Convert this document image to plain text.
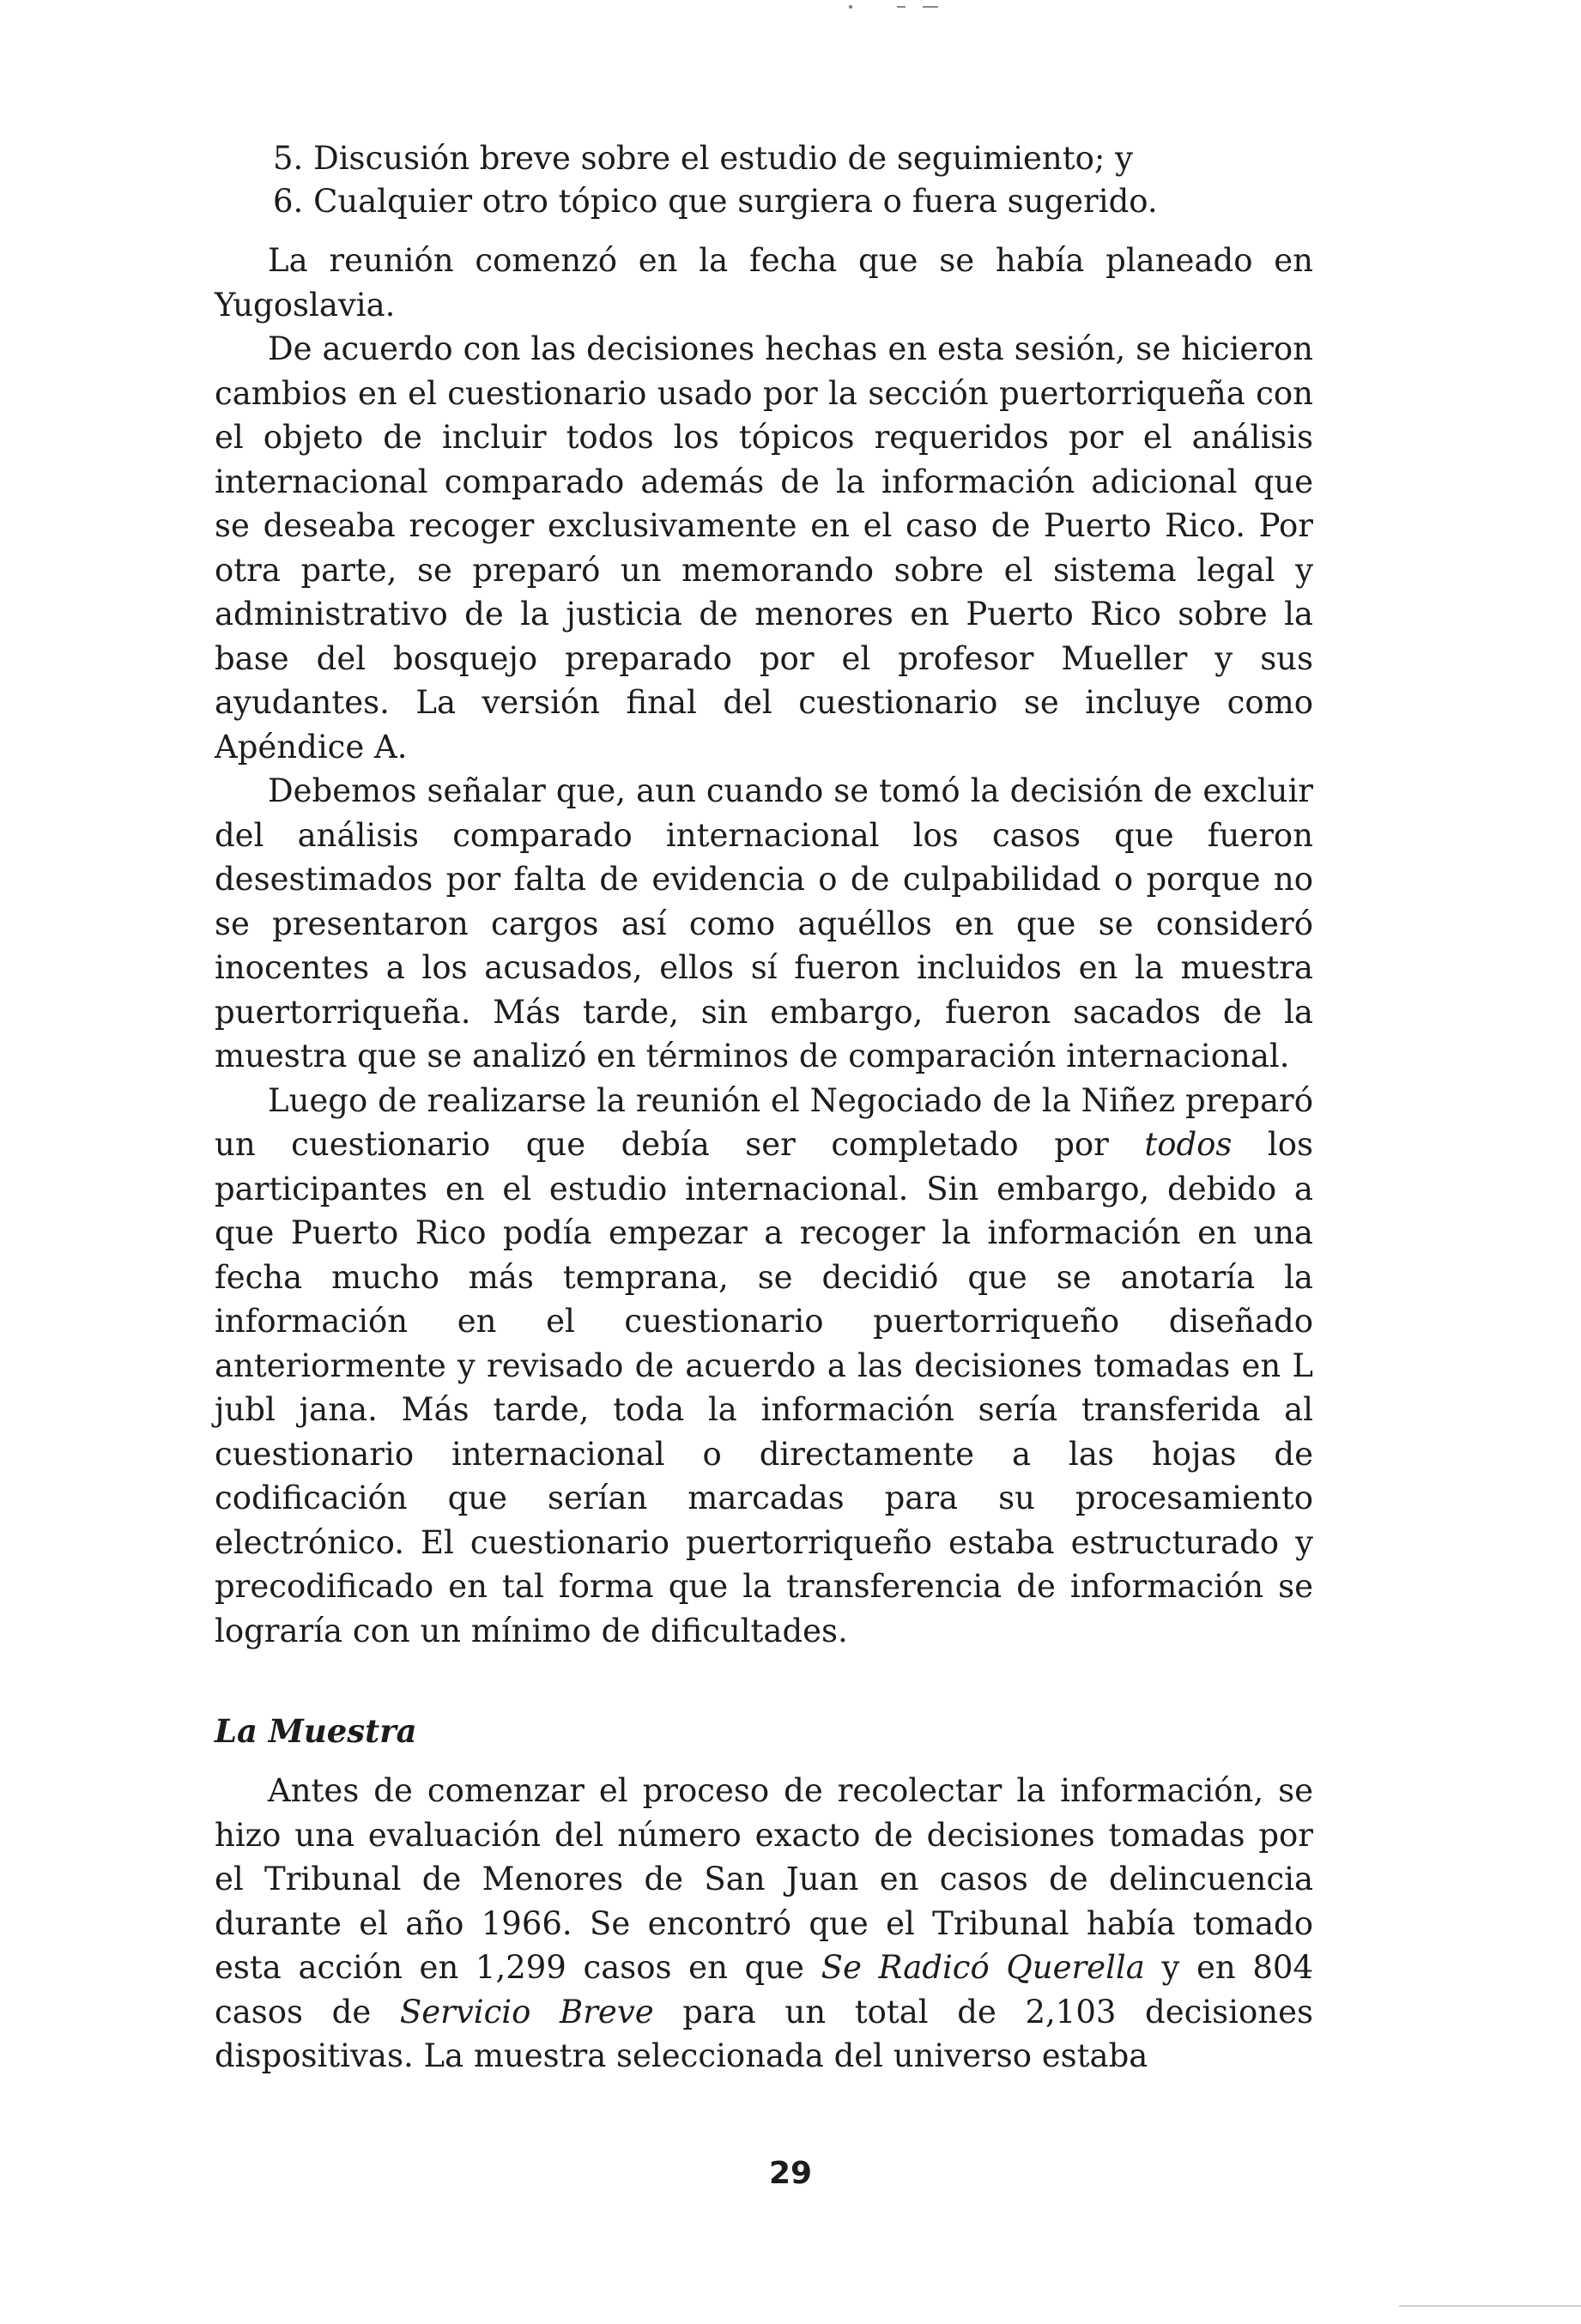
5. Discusión breve sobre el estudio de seguimiento; y
6. Cualquier otro tópico que surgiera o fuera sugerido.

La reunión comenzó en la fecha que se había planeado en Yugoslavia.

De acuerdo con las decisiones hechas en esta sesión, se hicieron cambios en el cuestionario usado por la sección puertorriqueña con el objeto de incluir todos los tópicos requeridos por el análisis internacional comparado además de la información adicional que se deseaba recoger exclusivamente en el caso de Puerto Rico. Por otra parte, se preparó un memorando sobre el sistema legal y administrativo de la justicia de menores en Puerto Rico sobre la base del bosquejo preparado por el profesor Mueller y sus ayudantes. La versión final del cuestionario se incluye como Apéndice A.

Debemos señalar que, aun cuando se tomó la decisión de excluir del análisis comparado internacional los casos que fueron desestimados por falta de evidencia o de culpabilidad o porque no se presentaron cargos así como aquéllos en que se consideró inocentes a los acusados, ellos sí fueron incluidos en la muestra puertorriqueña. Más tarde, sin embargo, fueron sacados de la muestra que se analizó en términos de comparación internacional.

Luego de realizarse la reunión el Negociado de la Niñez preparó un cuestionario que debía ser completado por todos los participantes en el estudio internacional. Sin embargo, debido a que Puerto Rico podía empezar a recoger la información en una fecha mucho más temprana, se decidió que se anotaría la información en el cuestionario puertorriqueño diseñado anteriormente y revisado de acuerdo a las decisiones tomadas en L jubl jana. Más tarde, toda la información sería transferida al cuestionario internacional o directamente a las hojas de codificación que serían marcadas para su procesamiento electrónico. El cuestionario puertorriqueño estaba estructurado y precodificado en tal forma que la transferencia de información se lograría con un mínimo de dificultades.

La Muestra

Antes de comenzar el proceso de recolectar la información, se hizo una evaluación del número exacto de decisiones tomadas por el Tribunal de Menores de San Juan en casos de delincuencia durante el año 1966. Se encontró que el Tribunal había tomado esta acción en 1,299 casos en que Se Radicó Querella y en 804 casos de Servicio Breve para un total de 2,103 decisiones dispositivas. La muestra seleccionada del universo estaba

29
